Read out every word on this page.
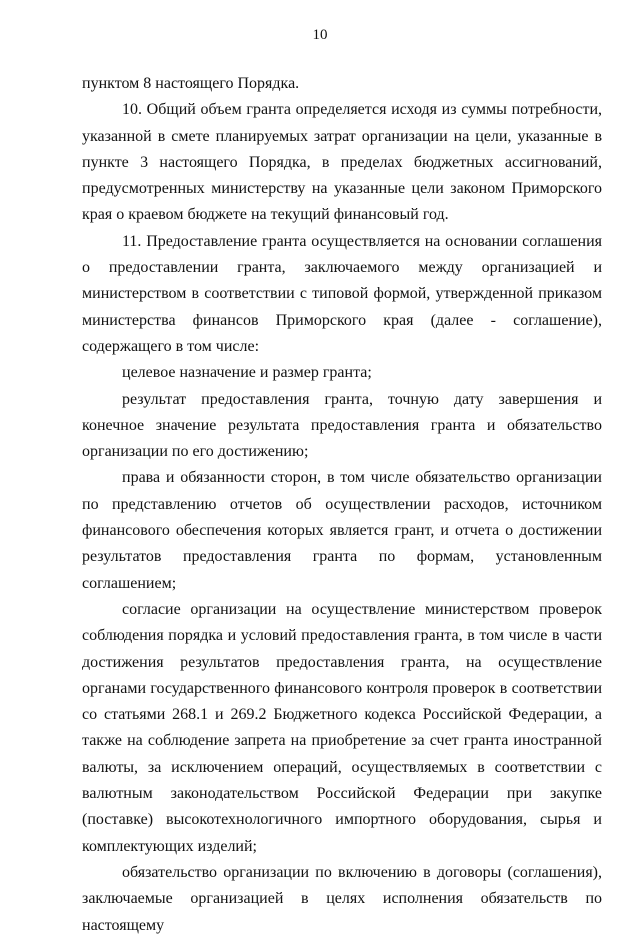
10

пунктом 8 настоящего Порядка.

10. Общий объем гранта определяется исходя из суммы потребности, указанной в смете планируемых затрат организации на цели, указанные в пункте 3 настоящего Порядка, в пределах бюджетных ассигнований, предусмотренных министерству на указанные цели законом Приморского края о краевом бюджете на текущий финансовый год.

11. Предоставление гранта осуществляется на основании соглашения о предоставлении гранта, заключаемого между организацией и министерством в соответствии с типовой формой, утвержденной приказом министерства финансов Приморского края (далее - соглашение), содержащего в том числе:

целевое назначение и размер гранта;

результат предоставления гранта, точную дату завершения и конечное значение результата предоставления гранта и обязательство организации по его достижению;

права и обязанности сторон, в том числе обязательство организации по представлению отчетов об осуществлении расходов, источником финансового обеспечения которых является грант, и отчета о достижении результатов предоставления гранта по формам, установленным соглашением;

согласие организации на осуществление министерством проверок соблюдения порядка и условий предоставления гранта, в том числе в части достижения результатов предоставления гранта, на осуществление органами государственного финансового контроля проверок в соответствии со статьями 268.1 и 269.2 Бюджетного кодекса Российской Федерации, а также на соблюдение запрета на приобретение за счет гранта иностранной валюты, за исключением операций, осуществляемых в соответствии с валютным законодательством Российской Федерации при закупке (поставке) высокотехнологичного импортного оборудования, сырья и комплектующих изделий;

обязательство организации по включению в договоры (соглашения), заключаемые организацией в целях исполнения обязательств по настоящему
